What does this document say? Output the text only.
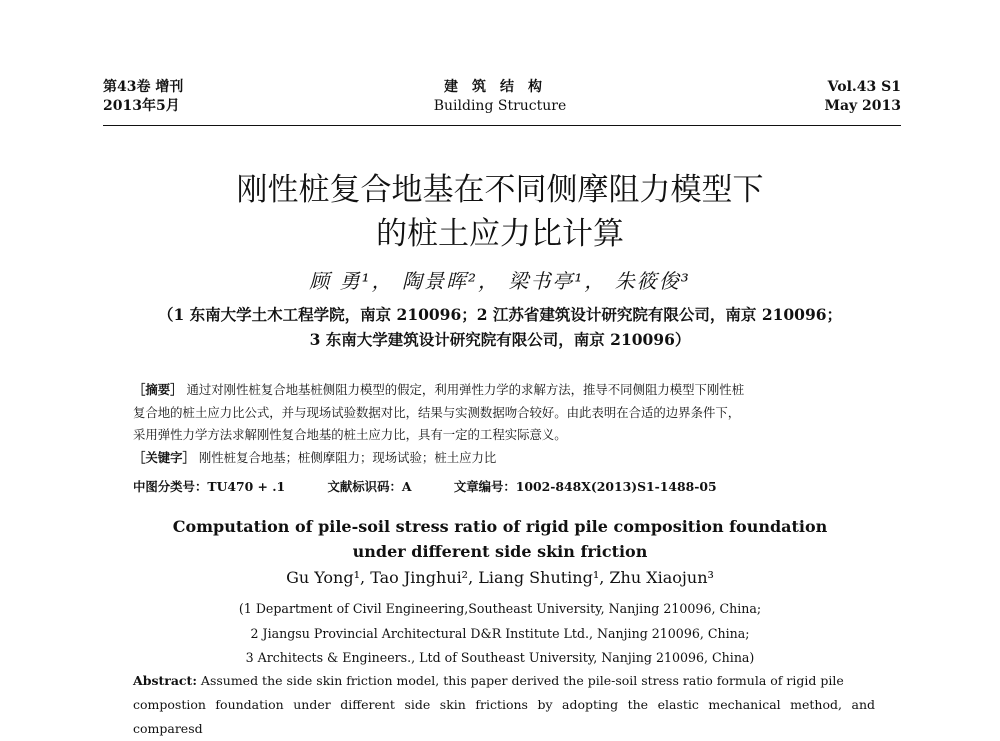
第43卷 增刊
2013年5月
建筑结构
Building Structure
Vol.43 S1
May 2013
刚性桩复合地基在不同侧摩阻力模型下
的桩土应力比计算
顾 勇¹， 陶景晖²， 梁书亭¹， 朱筱俊³
（1 东南大学土木工程学院，南京 210096；2 江苏省建筑设计研究院有限公司，南京 210096；
3 东南大学建筑设计研究院有限公司，南京 210096）
［摘要］ 通过对刚性桩复合地基桩侧阻力模型的假定，利用弹性力学的求解方法，推导不同侧阻力模型下刚性桩
复合地的桩土应力比公式，并与现场试验数据对比，结果与实测数据吻合较好。由此表明在合适的边界条件下，
采用弹性力学方法求解刚性复合地基的桩土应力比，具有一定的工程实际意义。
［关键字］ 刚性桩复合地基；桩侧摩阻力；现场试验；桩土应力比
中图分类号：TU470 + .1	文献标识码：A	文章编号：1002-848X(2013)S1-1488-05
Computation of pile-soil stress ratio of rigid pile composition foundation
under different side skin friction
Gu Yong¹, Tao Jinghui², Liang Shuting¹, Zhu Xiaojun³
(1 Department of Civil Engineering,Southeast University, Nanjing 210096, China;
2 Jiangsu Provincial Architectural D&R Institute Ltd., Nanjing 210096, China;
3 Architects & Engineers., Ltd of Southeast University, Nanjing 210096, China)
Abstract: Assumed the side skin friction model, this paper derived the pile-soil stress ratio formula of rigid pile
compostion foundation under different side skin frictions by adopting the elastic mechanical method, and comparesd
